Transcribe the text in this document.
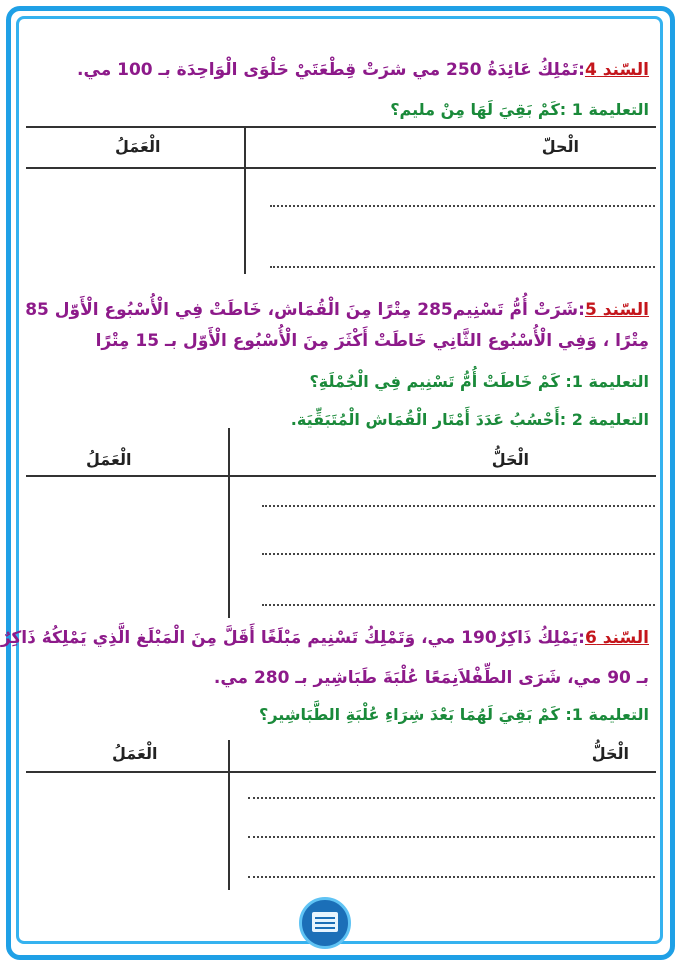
السّند 4:تَمْلِكُ عَائِدَةُ 250 مي شرَتْ قِطْعَتَيْ حَلْوَى الْوَاحِدَة بـ 100 مي.
التعليمة 1 :كَمْ بَقِيَ لَهَا مِنْ مليم؟
الْحلّ
الْعَمَلُ
السّند 5:شَرَتْ أُمُّ تَسْنِيم285 مِتْرًا مِنَ الْقُمَاش، خَاطَتْ فِي الْأُسْبُوع الْأَوّل 85
مِتْرًا ، وَفِي الْأُسْبُوع الثَّانِي خَاطَتْ أَكْثَرَ مِنَ الْأُسْبُوع الْأَوّل بـ 15 مِتْرًا
التعليمة 1: كَمْ خَاطَتْ أُمُّ تَسْنِيم فِي الْجُمْلَةِ؟
التعليمة 2 :أَحْسُبُ عَدَدَ أَمْتَار الْقُمَاش الْمُتَبَقِّيَة.
الْحَلُّ
الْعَمَلُ
السّند 6:يَمْلِكُ ذَاكِرٌ190 مي، وَتَمْلِكُ تَسْنِيم مَبْلَغًا أَقَلَّ مِنَ الْمَبْلَغ الَّذِي يَمْلِكُهُ ذَاكِرٌ
بـ 90 مي، شَرَى الطِّفْلاَنِمَعًا عُلْبَةَ طَبَاشِير بـ 280 مي.
التعليمة 1: كَمْ بَقِيَ لَهُمَا بَعْدَ شِرَاءِ عُلْبَةِ الطَّبَاشِير؟
الْحَلُّ
الْعَمَلُ
